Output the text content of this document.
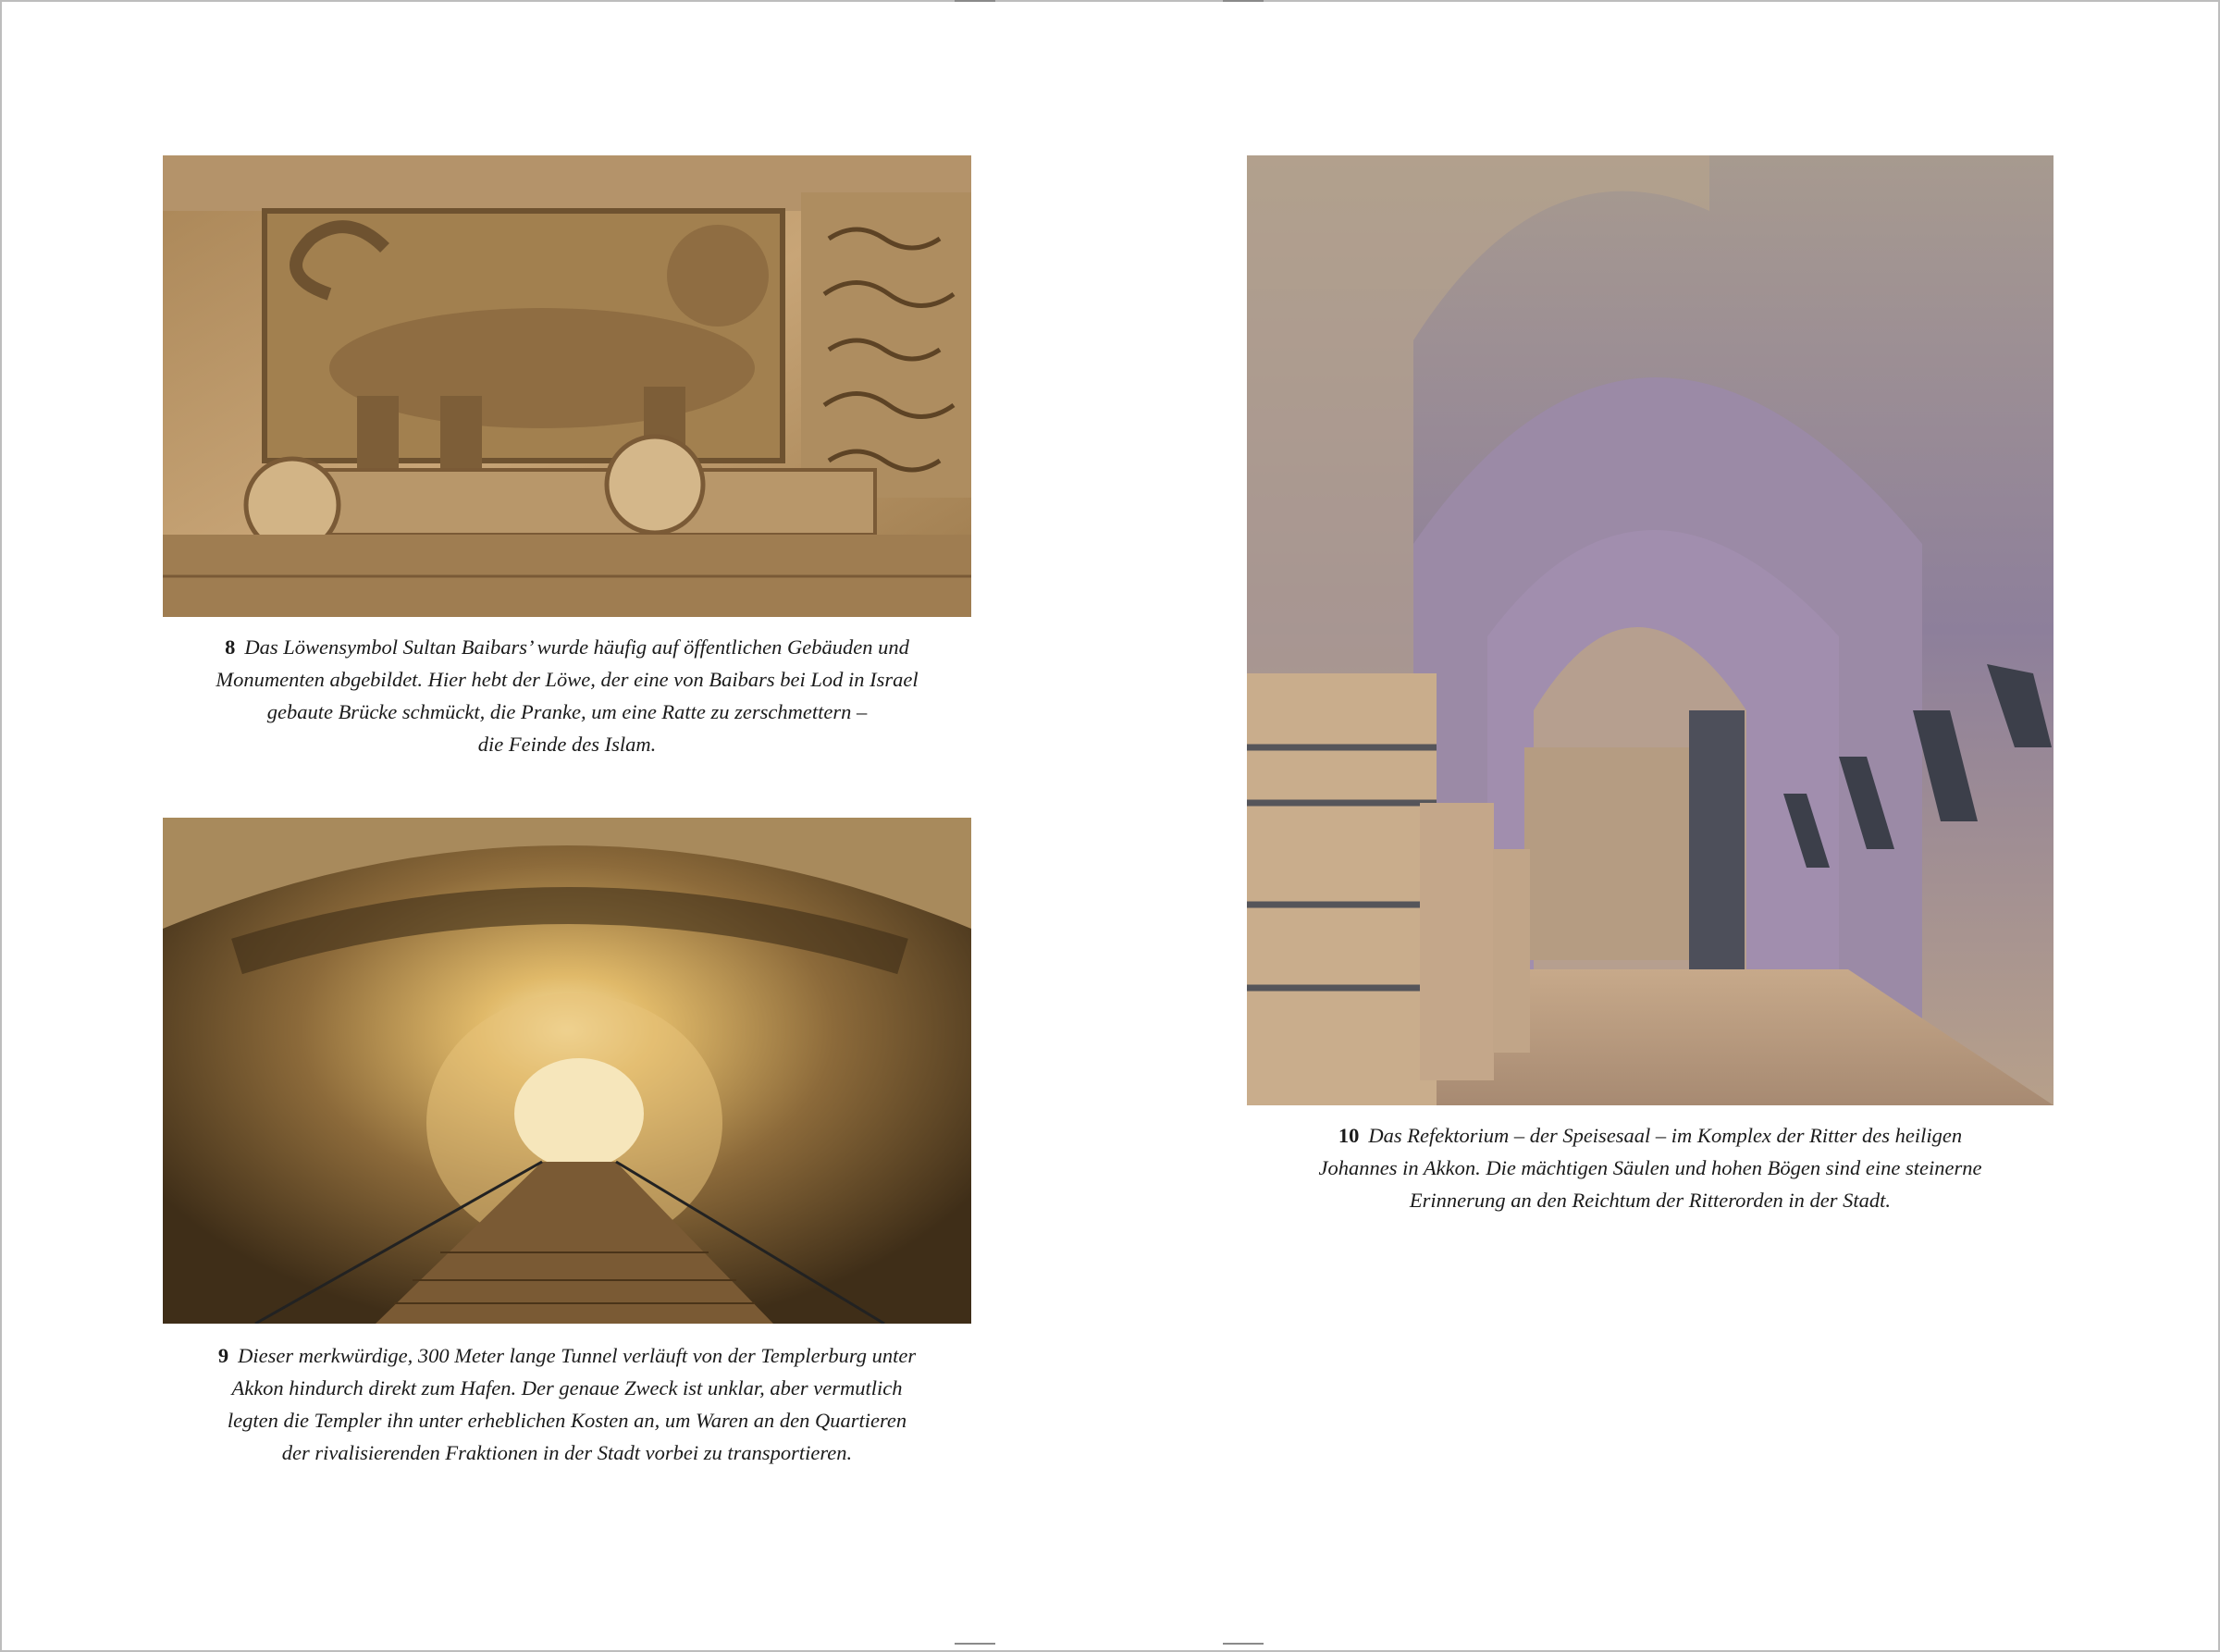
8 Das Löwensymbol Sultan Baibars’ wurde häufig auf öffentlichen Gebäuden und

Monumenten abgebildet. Hier hebt der Löwe, der eine von Baibars bei Lod in Israel

gebaute Brücke schmückt, die Pranke, um eine Ratte zu zerschmettern –

die Feinde des Islam.

9 Dieser merkwürdige, 300 Meter lange Tunnel verläuft von der Templerburg unter

Akkon hindurch direkt zum Hafen. Der genaue Zweck ist unklar, aber vermutlich

legten die Templer ihn unter erheblichen Kosten an, um Waren an den Quartieren

der rivalisierenden Fraktionen in der Stadt vorbei zu transportieren.

10 Das Refektorium – der Speisesaal – im Komplex der Ritter des heiligen

Johannes in Akkon. Die mächtigen Säulen und hohen Bögen sind eine steinerne

Erinnerung an den Reichtum der Ritterorden in der Stadt.
